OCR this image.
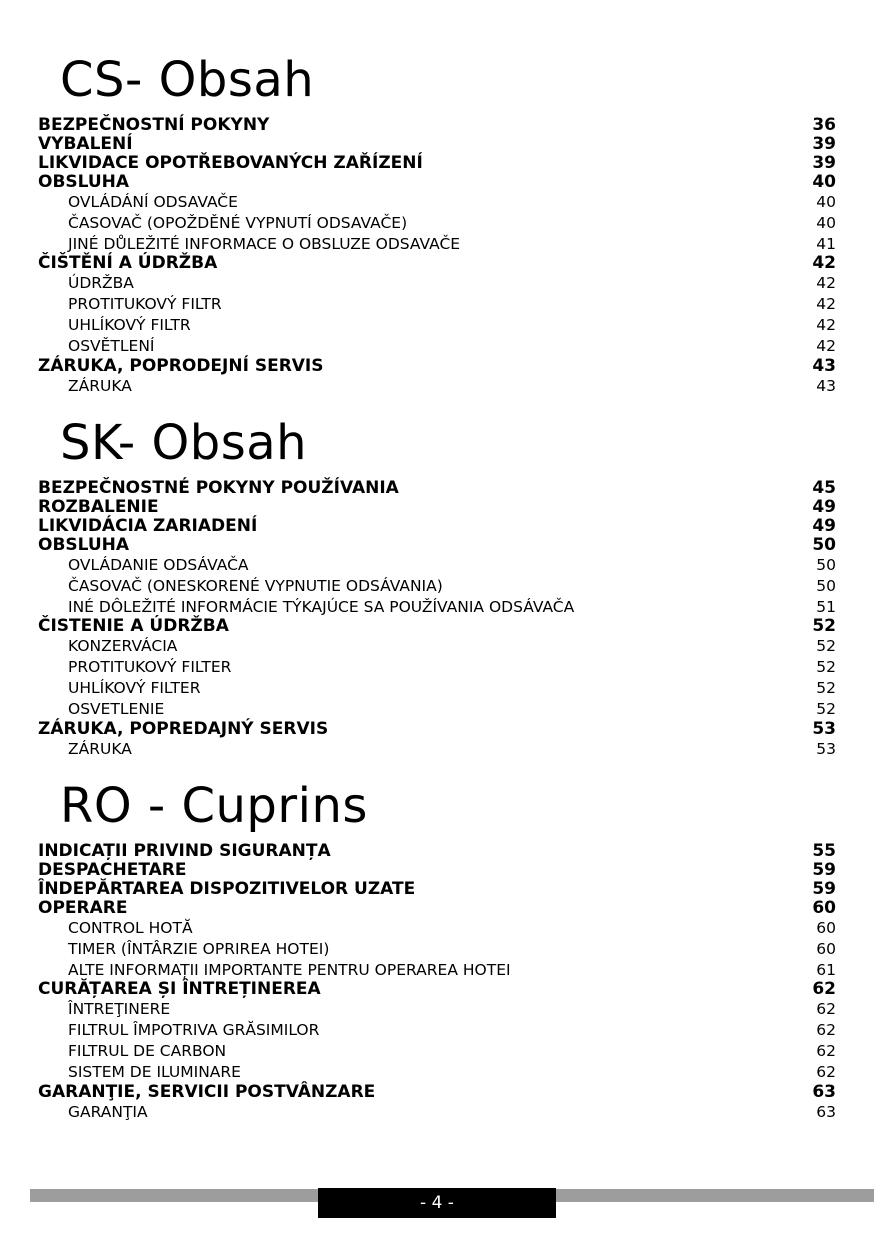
CS- Obsah
BEZPEČNOSTNÍ POKYNY	36
VYBALENÍ	39
LIKVIDACE OPOTŘEBOVANÝCH ZAŘÍZENÍ	39
OBSLUHA	40
OVLÁDÁNÍ ODSAVAČE	40
ČASOVAČ (OPOŽDĚNÉ VYPNUTÍ ODSAVAČE)	40
JINÉ DŮLEŽITÉ INFORMACE O OBSLUZE ODSAVAČE	41
ČIŠTĚNÍ A ÚDRŽBA	42
ÚDRŽBA	42
PROTITUKOVÝ FILTR	42
UHLÍKOVÝ FILTR	42
OSVĚTLENÍ	42
ZÁRUKA, POPRODEJNÍ SERVIS	43
ZÁRUKA	43
SK- Obsah
BEZPEČNOSTNÉ POKYNY POUŽÍVANIA	45
ROZBALENIE	49
LIKVIDÁCIA ZARIADENÍ	49
OBSLUHA	50
OVLÁDANIE ODSÁVAČA	50
ČASOVAČ (ONESKORENÉ VYPNUTIE ODSÁVANIA)	50
INÉ DÔLEŽITÉ INFORMÁCIE TÝKAJÚCE SA POUŽÍVANIA ODSÁVAČA	51
ČISTENIE A ÚDRŽBA	52
KONZERVÁCIA	52
PROTITUKOVÝ FILTER	52
UHLÍKOVÝ FILTER	52
OSVETLENIE	52
ZÁRUKA, POPREDAJNÝ SERVIS	53
ZÁRUKA	53
RO - Cuprins
INDICAȚII PRIVIND SIGURANȚA	55
DESPACHETARE	59
ÎNDEPĂRTAREA DISPOZITIVELOR UZATE	59
OPERARE	60
CONTROL HOTĂ	60
TIMER (ÎNTÂRZIE OPRIREA HOTEI)	60
ALTE INFORMAȚII IMPORTANTE PENTRU OPERAREA HOTEI	61
CURĂȚAREA ȘI ÎNTREȚINEREA	62
ÎNTREŢINERE	62
FILTRUL ÎMPOTRIVA GRĂSIMILOR	62
FILTRUL DE CARBON	62
SISTEM DE ILUMINARE	62
GARANŢIE, SERVICII POSTVÂNZARE	63
GARANŢIA	63
- 4 -
